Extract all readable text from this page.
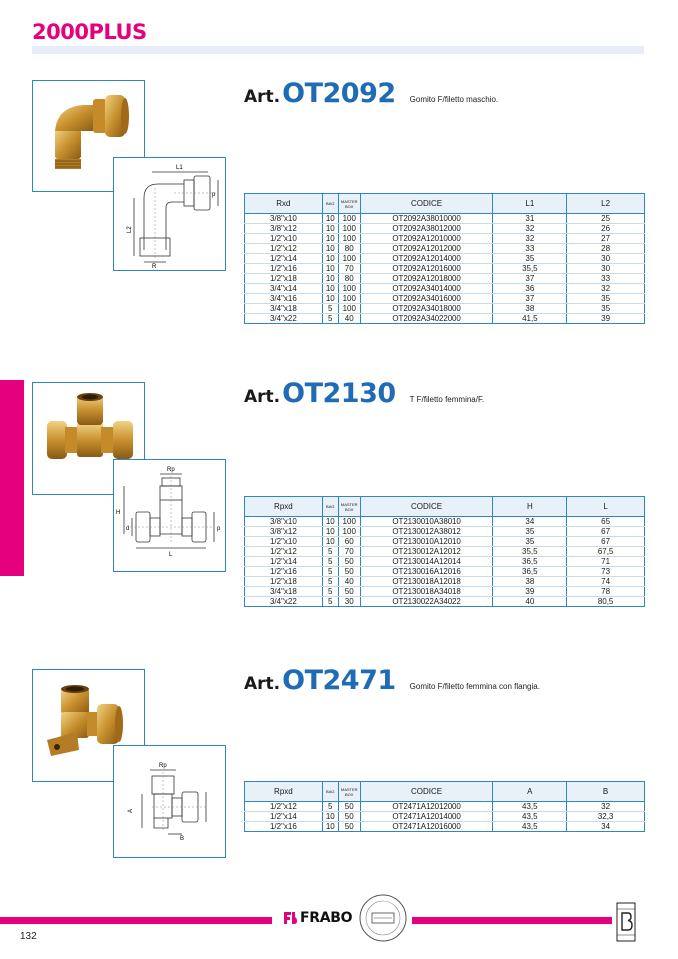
2000PLUS
L1
p
L2
R
Art. OT2092 Gomito F/filetto maschio.
Rxd	BAG	MASTER BOX	CODICE	L1	L2
3/8"x10	10	100	OT2092A38010000	31	25
3/8"x12	10	100	OT2092A38012000	32	26
1/2"x10	10	100	OT2092A12010000	32	27
1/2"x12	10	80	OT2092A12012000	33	28
1/2"x14	10	100	OT2092A12014000	35	30
1/2"x16	10	70	OT2092A12016000	35,5	30
1/2"x18	10	80	OT2092A12018000	37	33
3/4"x14	10	100	OT2092A34014000	36	32
3/4"x16	10	100	OT2092A34016000	37	35
3/4"x18	5	100	OT2092A34018000	38	35
3/4"x22	5	40	OT2092A34022000	41,5	39
Rp
H
d
L
p
Art. OT2130 T F/filetto femmina/F.
Rpxd	BAG	MASTER BOX	CODICE	H	L
3/8"x10	10	100	OT2130010A38010	34	65
3/8"x12	10	100	OT2130012A38012	35	67
1/2"x10	10	60	OT2130010A12010	35	67
1/2"x12	5	70	OT2130012A12012	35,5	67,5
1/2"x14	5	50	OT2130014A12014	36,5	71
1/2"x16	5	50	OT2130016A12016	36,5	73
1/2"x18	5	40	OT2130018A12018	38	74
3/4"x18	5	50	OT2130018A34018	39	78
3/4"x22	5	30	OT2130022A34022	40	80,5
Rp
A
B
Art. OT2471 Gomito F/filetto femmina con flangia.
Rpxd	BAG	MASTER BOX	CODICE	A	B
1/2"x12	5	50	OT2471A12012000	43,5	32
1/2"x14	10	50	OT2471A12014000	43,5	32,3
1/2"x16	10	50	OT2471A12016000	43,5	34
132
FRABO
